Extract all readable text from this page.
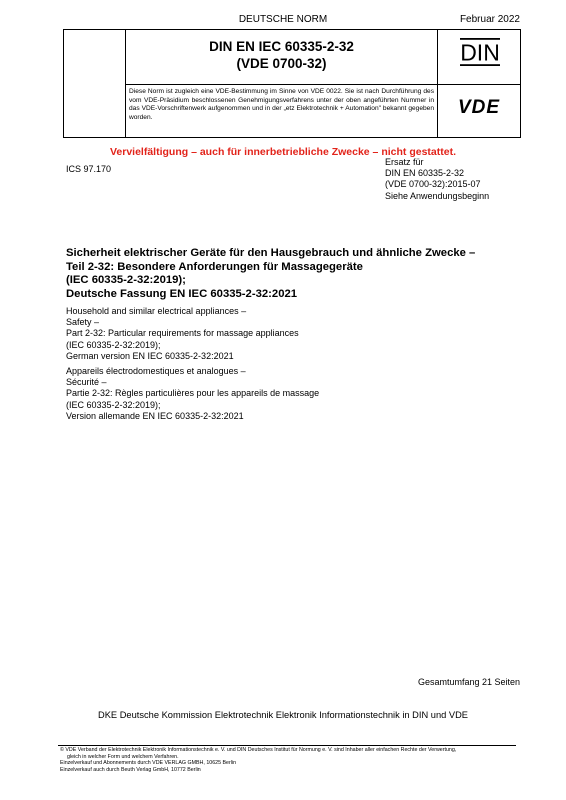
DEUTSCHE NORM	Februar 2022
DIN EN IEC 60335-2-32
(VDE 0700-32)
Diese Norm ist zugleich eine VDE-Bestimmung im Sinne von VDE 0022. Sie ist nach Durchführung des vom VDE-Präsidium beschlossenen Genehmigungsverfahrens unter der oben angeführten Nummer in das VDE-Vorschriftenwerk aufgenommen und in der „etz Elektrotechnik + Automation" bekannt gegeben worden.
DIN
VDE
Vervielfältigung – auch für innerbetriebliche Zwecke – nicht gestattet.
ICS 97.170
Ersatz für
DIN EN 60335-2-32
(VDE 0700-32):2015-07
Siehe Anwendungsbeginn
Sicherheit elektrischer Geräte für den Hausgebrauch und ähnliche Zwecke –
Teil 2-32: Besondere Anforderungen für Massagegeräte
(IEC 60335-2-32:2019);
Deutsche Fassung EN IEC 60335-2-32:2021
Household and similar electrical appliances –
Safety –
Part 2-32: Particular requirements for massage appliances
(IEC 60335-2-32:2019);
German version EN IEC 60335-2-32:2021
Appareils électrodomestiques et analogues –
Sécurité –
Partie 2-32: Règles particulières pour les appareils de massage
(IEC 60335-2-32:2019);
Version allemande EN IEC 60335-2-32:2021
Gesamtumfang 21 Seiten
DKE Deutsche Kommission Elektrotechnik Elektronik Informationstechnik in DIN und VDE
© VDE Verband der Elektrotechnik Elektronik Informationstechnik e. V. und DIN Deutsches Institut für Normung e. V. sind Inhaber aller einfachen Rechte der Verwertung,
gleich in welcher Form und welchem Verfahren.
Einzelverkauf und Abonnements durch VDE VERLAG GMBH, 10625 Berlin
Einzelverkauf auch durch Beuth Verlag GmbH, 10772 Berlin
